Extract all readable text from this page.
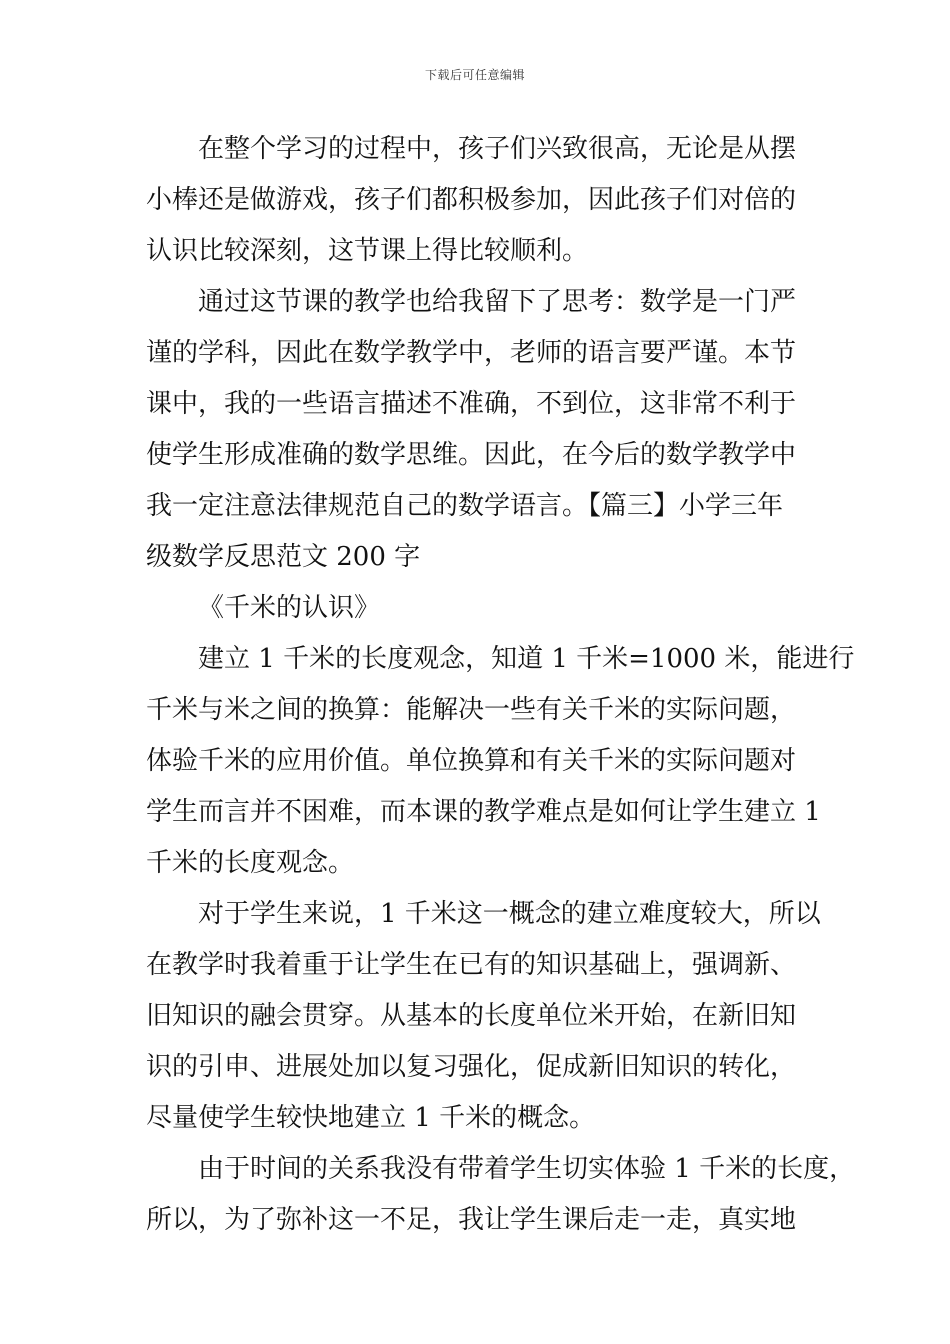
下载后可任意编辑

在整个学习的过程中，孩子们兴致很高，无论是从摆

小棒还是做游戏，孩子们都积极参加，因此孩子们对倍的

认识比较深刻，这节课上得比较顺利。

通过这节课的教学也给我留下了思考：数学是一门严

谨的学科，因此在数学教学中，老师的语言要严谨。本节

课中，我的一些语言描述不准确，不到位，这非常不利于

使学生形成准确的数学思维。因此，在今后的数学教学中

我一定注意法律规范自己的数学语言。【篇三】小学三年

级数学反思范文 200 字

《千米的认识》

建立 1 千米的长度观念，知道 1 千米=1000 米，能进行

千米与米之间的换算：能解决一些有关千米的实际问题，

体验千米的应用价值。单位换算和有关千米的实际问题对

学生而言并不困难，而本课的教学难点是如何让学生建立 1

千米的长度观念。

对于学生来说，1 千米这一概念的建立难度较大，所以

在教学时我着重于让学生在已有的知识基础上，强调新、

旧知识的融会贯穿。从基本的长度单位米开始，在新旧知

识的引申、进展处加以复习强化，促成新旧知识的转化，

尽量使学生较快地建立 1 千米的概念。

由于时间的关系我没有带着学生切实体验 1 千米的长度，

所以，为了弥补这一不足，我让学生课后走一走，真实地
